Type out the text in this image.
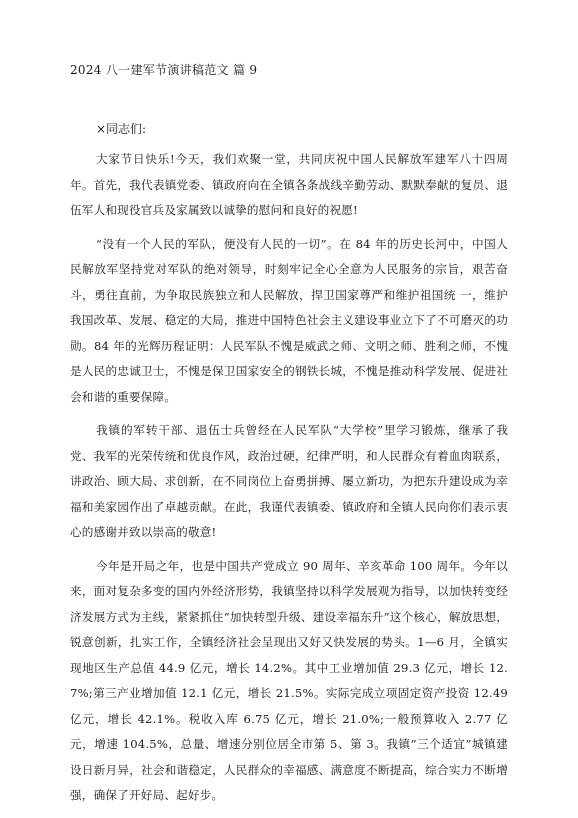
2024 八一建军节演讲稿范文 篇 9
×同志们:

大家节日快乐!今天，我们欢聚一堂，共同庆祝中国人民解放军建军八十四周年。首先，我代表镇党委、镇政府向在全镇各条战线辛勤劳动、默默奉献的复员、退伍军人和现役官兵及家属致以诚挚的慰问和良好的祝愿!

“没有一个人民的军队，便没有人民的一切”。在 84 年的历史长河中，中国人民解放军坚持党对军队的绝对领导，时刻牢记全心全意为人民服务的宗旨，艰苦奋斗，勇往直前，为争取民族独立和人民解放，捍卫国家尊严和维护祖国统 一，维护我国改革、发展、稳定的大局，推进中国特色社会主义建设事业立下了不可磨灭的功勋。84 年的光辉历程证明：人民军队不愧是威武之师、文明之师、胜利之师，不愧是人民的忠诚卫士，不愧是保卫国家安全的钢铁长城，不愧是推动科学发展、促进社会和谐的重要保障。

我镇的军转干部、退伍士兵曾经在人民军队“大学校”里学习锻炼，继承了我党、我军的光荣传统和优良作风，政治过硬，纪律严明，和人民群众有着血肉联系，讲政治、顾大局、求创新，在不同岗位上奋勇拼搏、屡立新功，为把东升建设成为幸福和美家园作出了卓越贡献。在此，我谨代表镇委、镇政府和全镇人民向你们表示衷心的感谢并致以崇高的敬意!

今年是开局之年，也是中国共产党成立 90 周年、辛亥革命 100 周年。今年以来，面对复杂多变的国内外经济形势，我镇坚持以科学发展观为指导，以加快转变经济发展方式为主线，紧紧抓住“加快转型升级、建设幸福东升”这个核心，解放思想，锐意创新，扎实工作，全镇经济社会呈现出又好又快发展的势头。1—6 月，全镇实现地区生产总值 44.9 亿元，增长 14.2%。其中工业增加值 29.3 亿元，增长 12.7%;第三产业增加值 12.1 亿元，增长 21.5%。实际完成立项固定资产投资 12.49 亿元，增长 42.1%。税收入库 6.75 亿元，增长 21.0%;一般预算收入 2.77 亿元，增速 104.5%，总量、增速分别位居全市第 5、第 3。我镇”三个适宜”城镇建设日新月异，社会和谐稳定，人民群众的幸福感、满意度不断提高，综合实力不断增强，确保了开好局、起好步。
